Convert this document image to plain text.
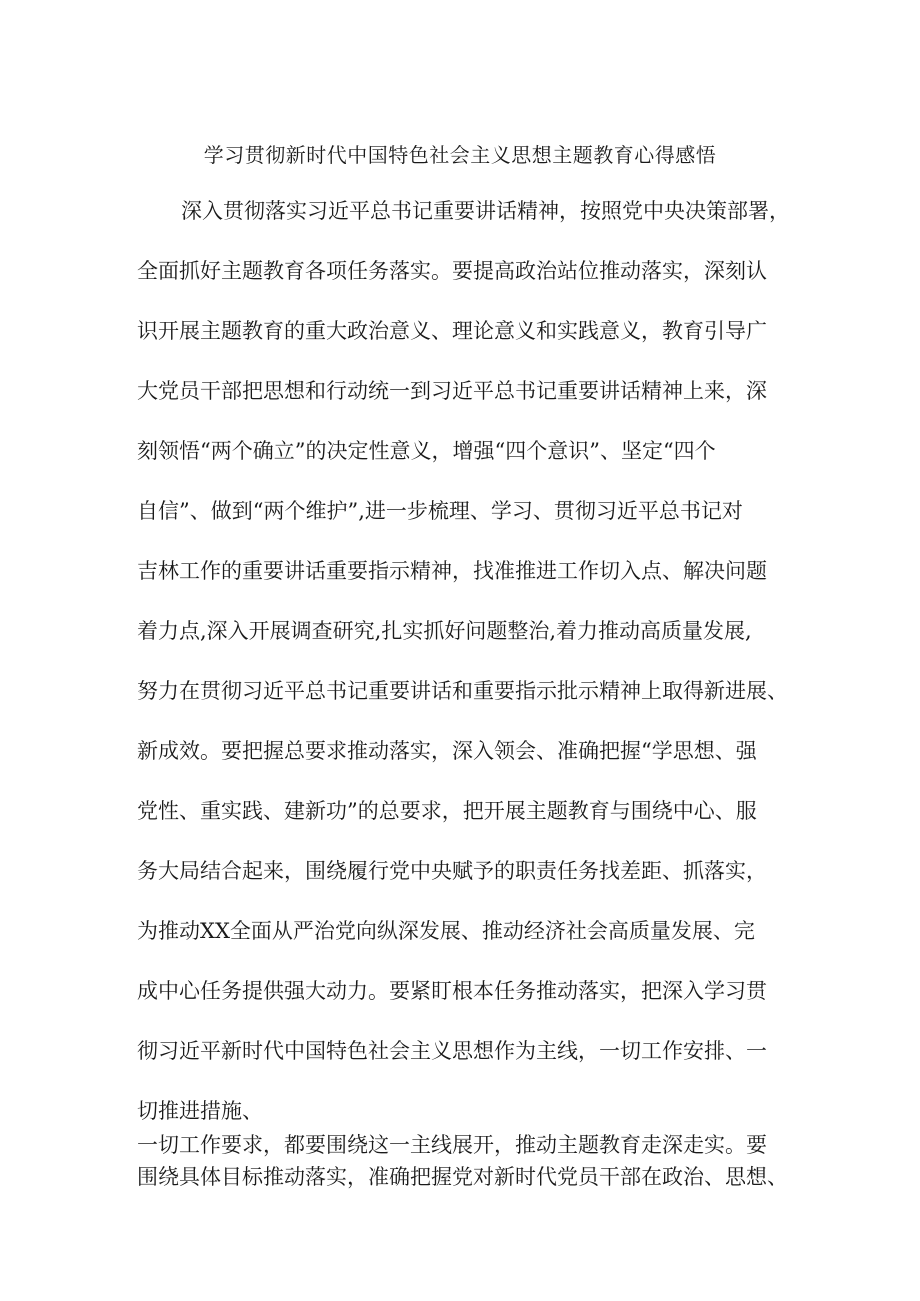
学习贯彻新时代中国特色社会主义思想主题教育心得感悟
深入贯彻落实习近平总书记重要讲话精神，按照党中央决策部署，
全面抓好主题教育各项任务落实。要提高政治站位推动落实，深刻认
识开展主题教育的重大政治意义、理论意义和实践意义，教育引导广
大党员干部把思想和行动统一到习近平总书记重要讲话精神上来，深
刻领悟“两个确立”的决定性意义，增强“四个意识”、坚定“四个
自信”、做到“两个维护”,进一步梳理、学习、贯彻习近平总书记对
吉林工作的重要讲话重要指示精神，找准推进工作切入点、解决问题
着力点,深入开展调查研究,扎实抓好问题整治,着力推动高质量发展,
努力在贯彻习近平总书记重要讲话和重要指示批示精神上取得新进展、
新成效。要把握总要求推动落实，深入领会、准确把握“学思想、强
党性、重实践、建新功”的总要求，把开展主题教育与围绕中心、服
务大局结合起来，围绕履行党中央赋予的职责任务找差距、抓落实，
为推动XX全面从严治党向纵深发展、推动经济社会高质量发展、完
成中心任务提供强大动力。要紧盯根本任务推动落实，把深入学习贯
彻习近平新时代中国特色社会主义思想作为主线，一切工作安排、一
切推进措施、
一切工作要求，都要围绕这一主线展开，推动主题教育走深走实。要
围绕具体目标推动落实，准确把握党对新时代党员干部在政治、思想、
